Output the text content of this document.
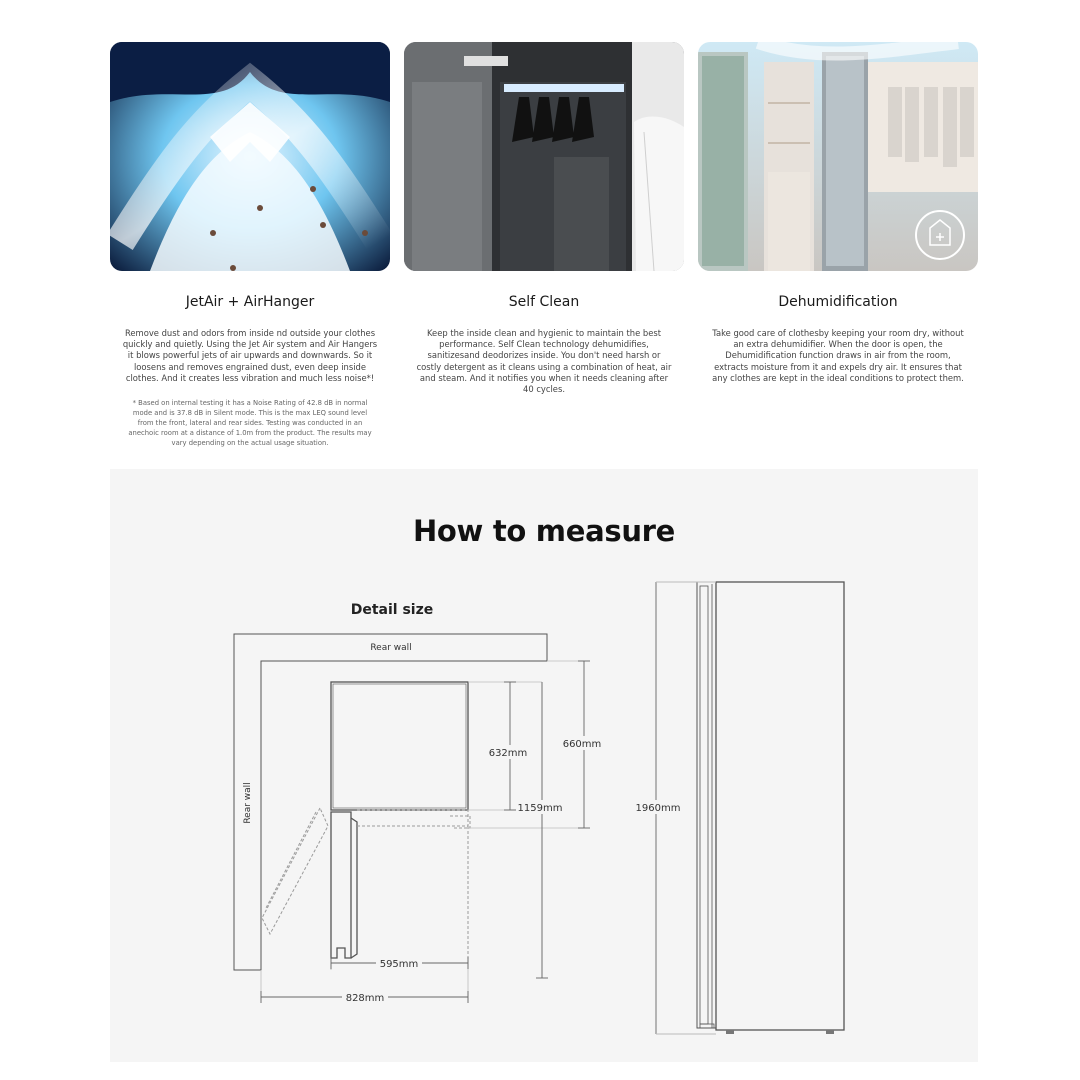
JetAir + AirHanger

Remove dust and odors from inside nd outside your clothes quickly and quietly. Using the Jet Air system and Air Hangers it blows powerful jets of air upwards and downwards. So it loosens and removes engrained dust, even deep inside clothes. And it creates less vibration and much less noise*!

* Based on internal testing it has a Noise Rating of 42.8 dB in normal mode and is 37.8 dB in Silent mode. This is the max LEQ sound level from the front, lateral and rear sides. Testing was conducted in an anechoic room at a distance of 1.0m from the product. The results may vary depending on the actual usage situation.

Self Clean

Keep the inside clean and hygienic to maintain the best performance. Self Clean technology dehumidifies, sanitizesand deodorizes inside. You don't need harsh or costly detergent as it cleans using a combination of heat, air and steam. And it notifies you when it needs cleaning after 40 cycles.

Dehumidification

Take good care of clothesby keeping your room dry, without an extra dehumidifier. When the door is open, the Dehumidification function draws in air from the room, extracts moisture from it and expels dry air. It ensures that any clothes are kept in the ideal conditions to protect them.

How to measure
Detail size
Rear wall
Rear wall
632mm
660mm
1159mm
595mm
828mm
1960mm
